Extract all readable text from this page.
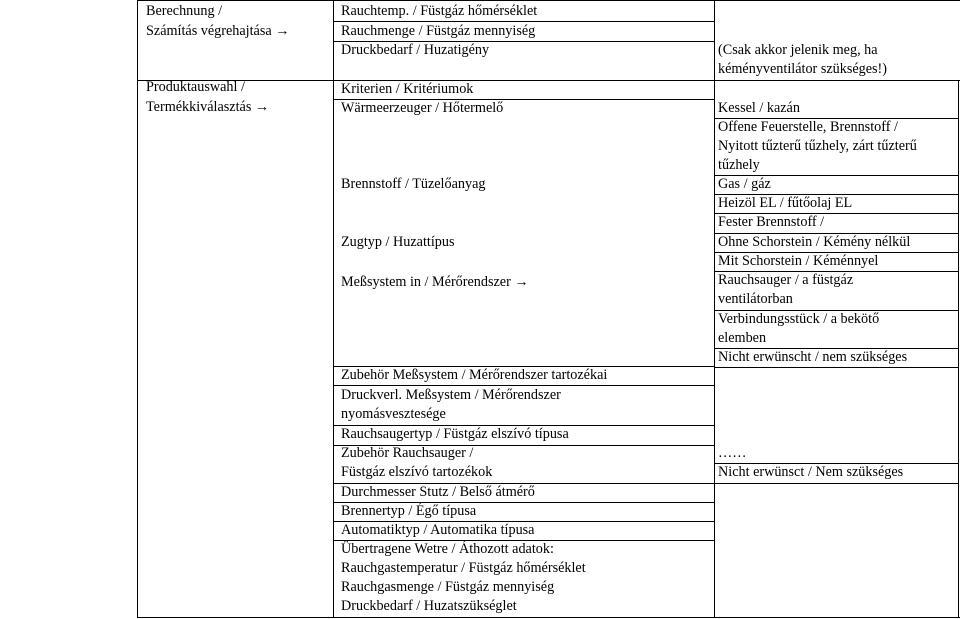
Berechnung /
Számítás végrehajtása →
Produktauswahl /
Termékkiválasztás →
Rauchtemp. / Füstgáz hőmérséklet
Rauchmenge / Füstgáz mennyiség
Druckbedarf / Huzatigény
Kriterien / Kritériumok
Wärmeerzeuger / Hőtermelő
Brennstoff / Tüzelőanyag
Zugtyp / Huzattípus
Meßsystem in / Mérőrendszer →
Zubehör Meßsystem / Mérőrendszer tartozékai
Druckverl. Meßsystem / Mérőrendszer
nyomásvesztesége
Rauchsaugertyp / Füstgáz elszívó típusa
Zubehör Rauchsauger /
Füstgáz elszívó tartozékok
Durchmesser Stutz / Belső átmérő
Brennertyp / Égő típusa
Automatiktyp / Automatika típusa
Übertragene Wetre / Áthozott adatok:
Rauchgastemperatur / Füstgáz hőmérséklet
Rauchgasmenge / Füstgáz mennyiség
Druckbedarf / Huzatszükséglet
(Csak akkor jelenik meg, ha
kéményventilátor szükséges!)
Kessel / kazán
Offene Feuerstelle, Brennstoff /
Nyitott tűzterű tűzhely, zárt tűzterű
tűzhely
Gas / gáz
Heizöl EL / fűtőolaj EL
Fester Brennstoff /
Ohne Schorstein / Kémény nélkül
Mit Schorstein / Kéménnyel
Rauchsauger / a füstgáz
ventilátorban
Verbindungsstück / a bekötő
elemben
Nicht erwünscht / nem szükséges
……
Nicht erwünsct / Nem szükséges
